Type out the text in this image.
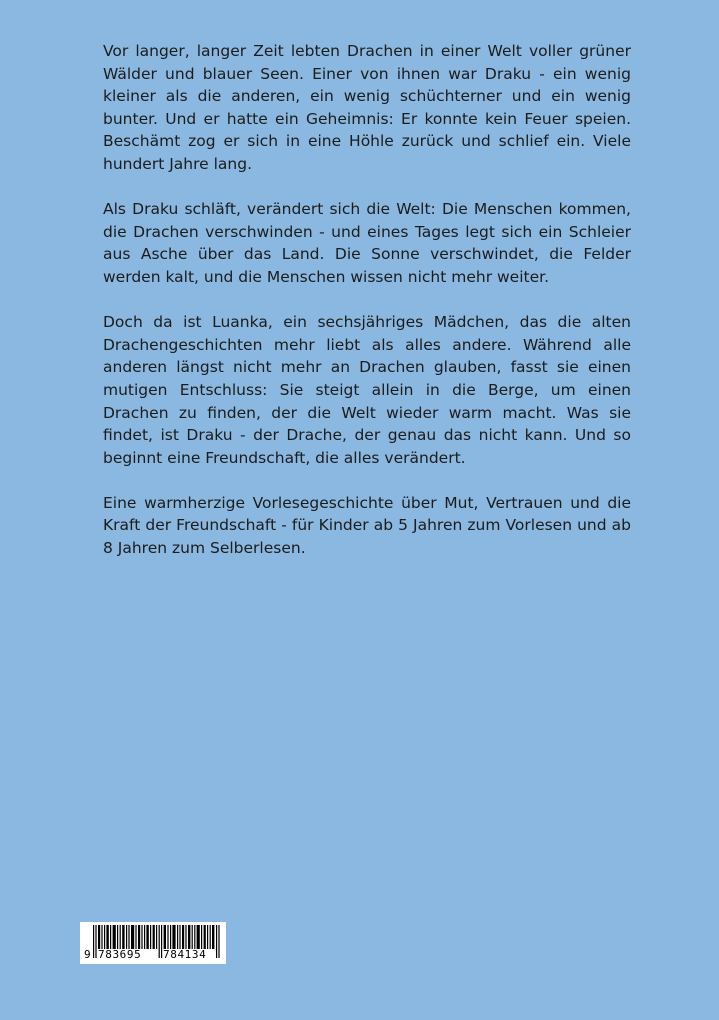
Vor langer, langer Zeit lebten Drachen in einer Welt voller grüner Wälder und blauer Seen. Einer von ihnen war Draku - ein wenig kleiner als die anderen, ein wenig schüchterner und ein wenig bunter. Und er hatte ein Geheimnis: Er konnte kein Feuer speien. Beschämt zog er sich in eine Höhle zurück und schlief ein. Viele hundert Jahre lang.

Als Draku schläft, verändert sich die Welt: Die Menschen kommen, die Drachen verschwinden - und eines Tages legt sich ein Schleier aus Asche über das Land. Die Sonne verschwindet, die Felder werden kalt, und die Menschen wissen nicht mehr weiter.

Doch da ist Luanka, ein sechsjähriges Mädchen, das die alten Drachengeschichten mehr liebt als alles andere. Während alle anderen längst nicht mehr an Drachen glauben, fasst sie einen mutigen Entschluss: Sie steigt allein in die Berge, um einen Drachen zu finden, der die Welt wieder warm macht. Was sie findet, ist Draku - der Drache, der genau das nicht kann. Und so beginnt eine Freundschaft, die alles verändert.

Eine warmherzige Vorlesegeschichte über Mut, Vertrauen und die Kraft der Freundschaft - für Kinder ab 5 Jahren zum Vorlesen und ab 8 Jahren zum Selberlesen.

9 783695 784134
